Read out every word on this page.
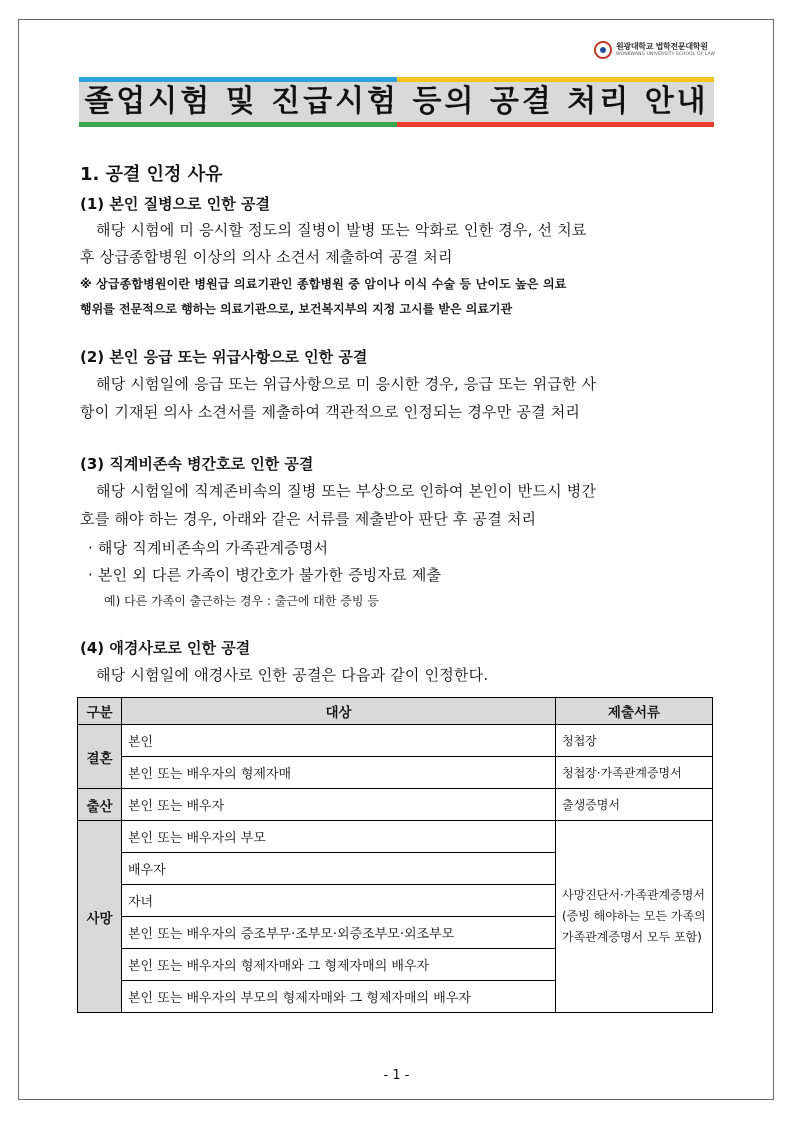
원광대학교 법학전문대학원
WONKWANG UNIVERSITY SCHOOL OF LAW
졸업시험 및 진급시험 등의 공결 처리 안내
1. 공결 인정 사유
(1) 본인 질병으로 인한 공결
해당 시험에 미 응시할 정도의 질병이 발병 또는 악화로 인한 경우, 선 치료
후 상급종합병원 이상의 의사 소견서 제출하여 공결 처리
※ 상급종합병원이란 병원급 의료기관인 종합병원 중 암이나 이식 수술 등 난이도 높은 의료
행위를 전문적으로 행하는 의료기관으로, 보건복지부의 지정 고시를 받은 의료기관
(2) 본인 응급 또는 위급사항으로 인한 공결
해당 시험일에 응급 또는 위급사항으로 미 응시한 경우, 응급 또는 위급한 사
항이 기재된 의사 소견서를 제출하여 객관적으로 인정되는 경우만 공결 처리
(3) 직계비존속 병간호로 인한 공결
해당 시험일에 직계존비속의 질병 또는 부상으로 인하여 본인이 반드시 병간
호를 해야 하는 경우, 아래와 같은 서류를 제출받아 판단 후 공결 처리
· 해당 직계비존속의 가족관계증명서
· 본인 외 다른 가족이 병간호가 불가한 증빙자료 제출
예) 다른 가족이 출근하는 경우 : 출근에 대한 증빙 등
(4) 애경사로로 인한 공결
해당 시험일에 애경사로 인한 공결은 다음과 같이 인정한다.
구분	대상	제출서류
결혼	본인	청첩장
	본인 또는 배우자의 형제자매	청첩장·가족관계증명서
출산	본인 또는 배우자	출생증명서
사망	본인 또는 배우자의 부모	사망진단서·가족관계증명서(증빙 해야하는 모든 가족의 가족관계증명서 모두 포함)
	배우자	
	자녀	
	본인 또는 배우자의 증조부무·조부모·외증조부모·외조부모	
	본인 또는 배우자의 형제자매와 그 형제자매의 배우자	
	본인 또는 배우자의 부모의 형제자매와 그 형제자매의 배우자	
- 1 -
